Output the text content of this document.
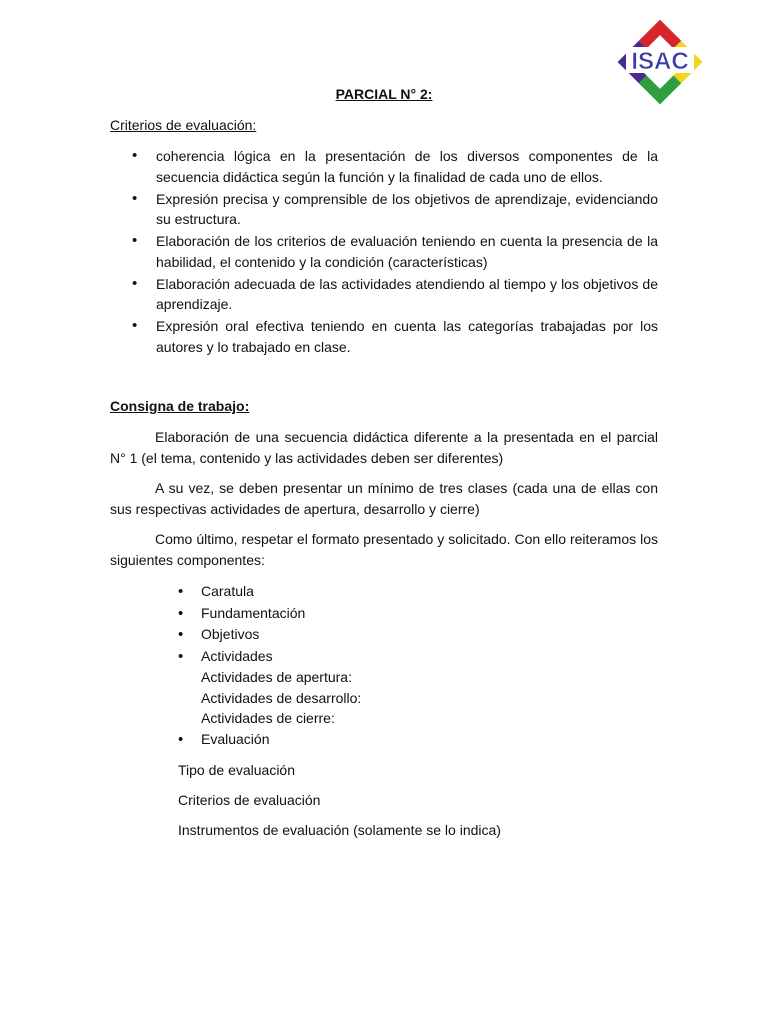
ISAC
PARCIAL N° 2:
Criterios de evaluación:
• coherencia lógica en la presentación de los diversos componentes de la secuencia didáctica según la función y la finalidad de cada uno de ellos.
• Expresión precisa y comprensible de los objetivos de aprendizaje, evidenciando su estructura.
• Elaboración de los criterios de evaluación teniendo en cuenta la presencia de la habilidad, el contenido y la condición (características)
• Elaboración adecuada de las actividades atendiendo al tiempo y los objetivos de aprendizaje.
• Expresión oral efectiva teniendo en cuenta las categorías trabajadas por los autores y lo trabajado en clase.
Consigna de trabajo:
Elaboración de una secuencia didáctica diferente a la presentada en el parcial N° 1 (el tema, contenido y las actividades deben ser diferentes)
A su vez, se deben presentar un mínimo de tres clases (cada una de ellas con sus respectivas actividades de apertura, desarrollo y cierre)
Como último, respetar el formato presentado y solicitado. Con ello reiteramos los siguientes componentes:
• Caratula
• Fundamentación
• Objetivos
• Actividades
Actividades de apertura:
Actividades de desarrollo:
Actividades de cierre:
• Evaluación
Tipo de evaluación
Criterios de evaluación
Instrumentos de evaluación (solamente se lo indica)
